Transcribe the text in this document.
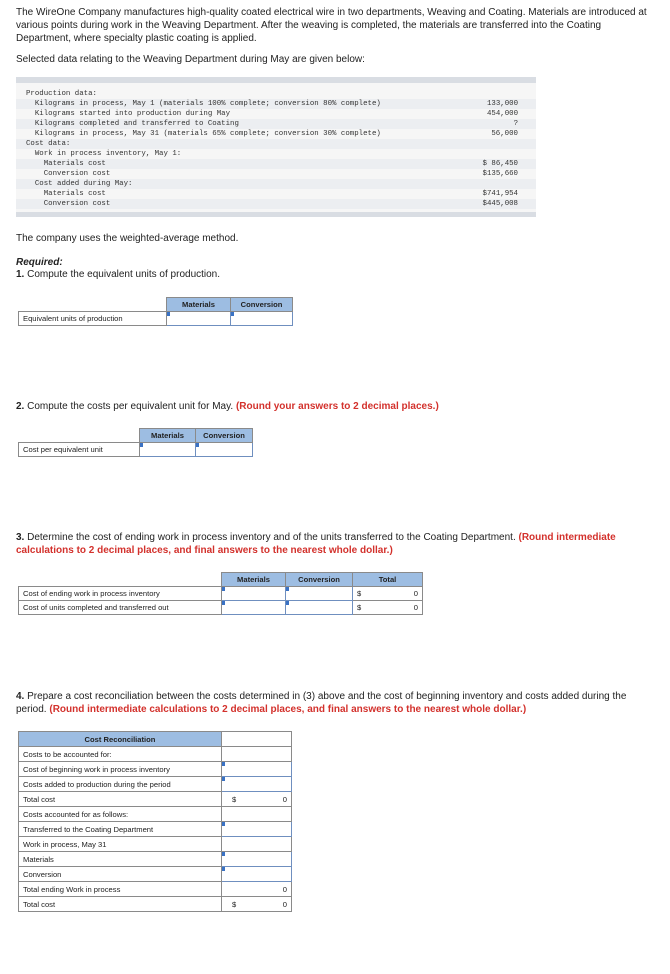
The WireOne Company manufactures high-quality coated electrical wire in two departments, Weaving and Coating. Materials are introduced at various points during work in the Weaving Department. After the weaving is completed, the materials are transferred into the Coating Department, where specialty plastic coating is applied.

Selected data relating to the Weaving Department during May are given below:

Production data:
Kilograms in process, May 1 (materials 100% complete; conversion 80% complete)	133,000
Kilograms started into production during May	454,000
Kilograms completed and transferred to Coating	?
Kilograms in process, May 31 (materials 65% complete; conversion 30% complete)	56,000
Cost data:
Work in process inventory, May 1:
Materials cost	$ 86,450
Conversion cost	$135,660
Cost added during May:
Materials cost	$741,954
Conversion cost	$445,008
The company uses the weighted-average method.
Required:
1. Compute the equivalent units of production.
	Materials	Conversion
Equivalent units of production		
2. Compute the costs per equivalent unit for May. (Round your answers to 2 decimal places.)
	Materials	Conversion
Cost per equivalent unit		
3. Determine the cost of ending work in process inventory and of the units transferred to the Coating Department. (Round intermediate calculations to 2 decimal places, and final answers to the nearest whole dollar.)
	Materials	Conversion	Total
Cost of ending work in process inventory			$ 0

Cost of units completed and transferred out			$ 0
4. Prepare a cost reconciliation between the costs determined in (3) above and the cost of beginning inventory and costs added during the period. (Round intermediate calculations to 2 decimal places, and final answers to the nearest whole dollar.)
Cost Reconciliation	
Costs to be accounted for:	
Cost of beginning work in process inventory	
Costs added to production during the period	
Total cost	$ 0

Costs accounted for as follows:	
Transferred to the Coating Department	
Work in process, May 31	
Materials	
Conversion	
Total ending Work in process	0

Total cost	$ 0
